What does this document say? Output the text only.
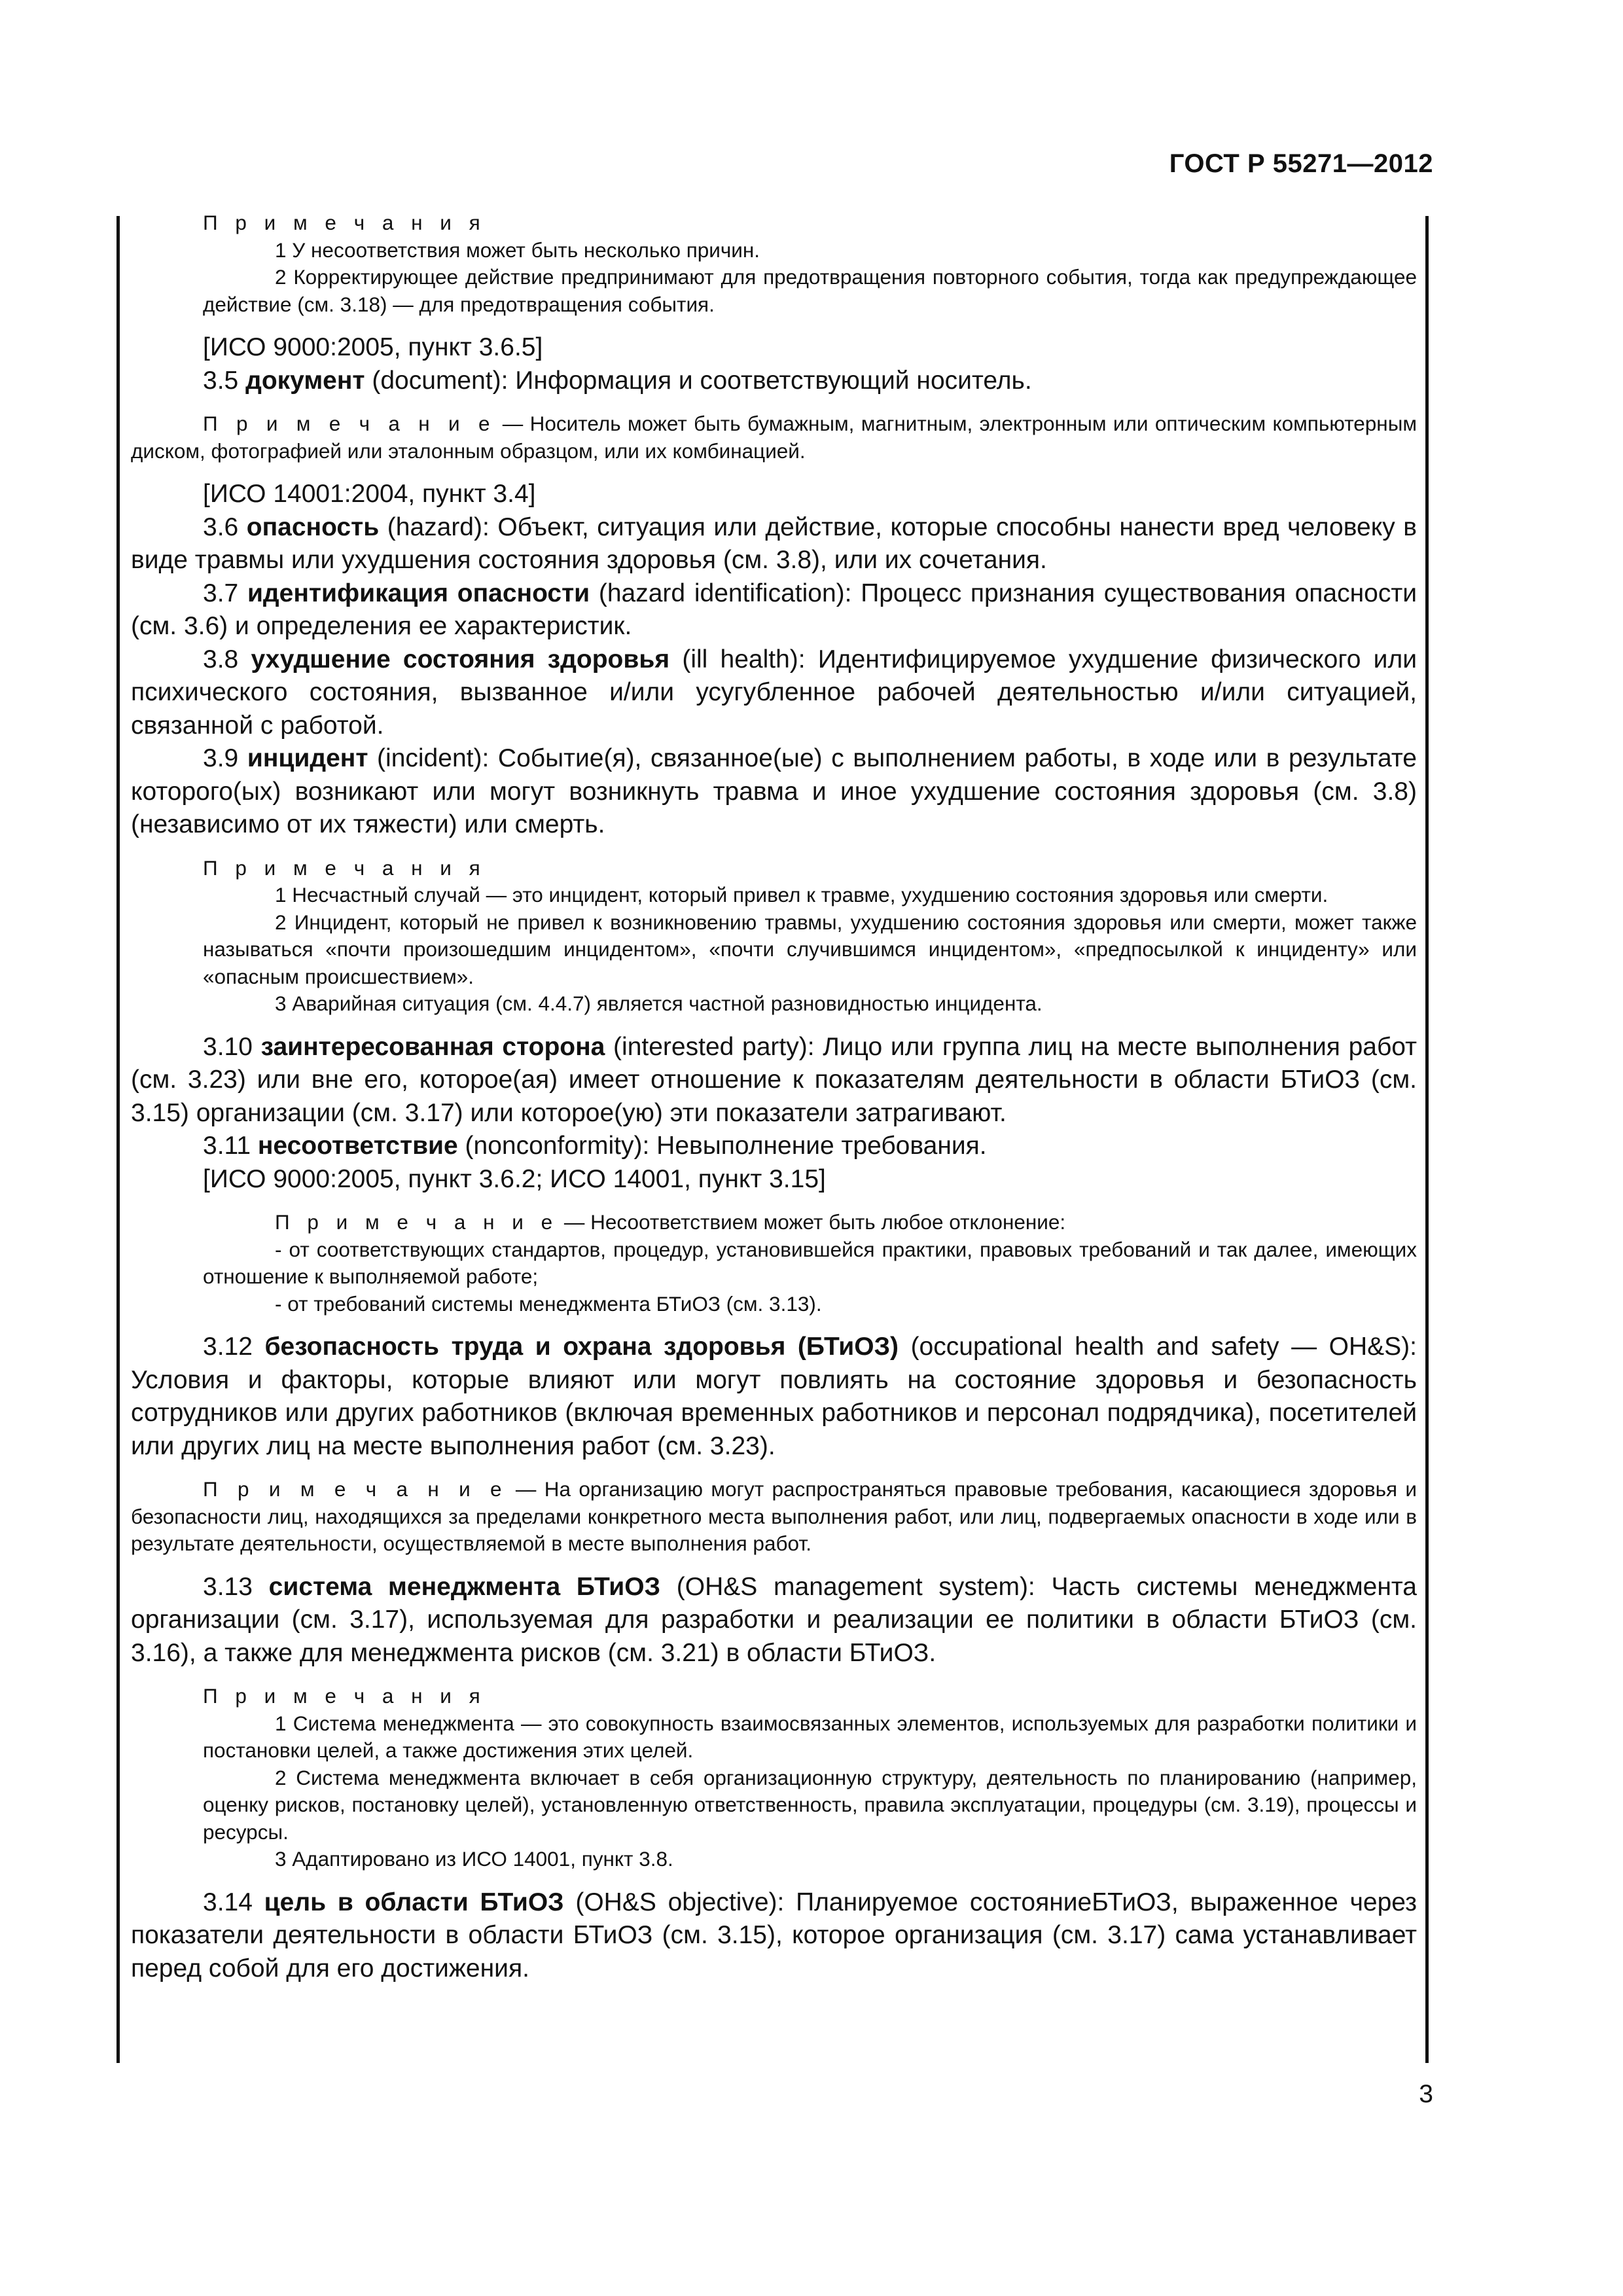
ГОСТ Р 55271—2012

П р и м е ч а н и я

1 У несоответствия может быть несколько причин.

2 Корректирующее действие предпринимают для предотвращения повторного события, тогда как предупреждающее действие (см. 3.18) — для предотвращения события.

[ИСО 9000:2005, пункт 3.6.5]

3.5 документ (document): Информация и соответствующий носитель.

П р и м е ч а н и е — Носитель может быть бумажным, магнитным, электронным или оптическим компьютерным диском, фотографией или эталонным образцом, или их комбинацией.

[ИСО 14001:2004, пункт 3.4]

3.6 опасность (hazard): Объект, ситуация или действие, которые способны нанести вред человеку в виде травмы или ухудшения состояния здоровья (см. 3.8), или их сочетания.

3.7 идентификация опасности (hazard identification): Процесс признания существования опасности (см. 3.6) и определения ее характеристик.

3.8 ухудшение состояния здоровья (ill health): Идентифицируемое ухудшение физического или психического состояния, вызванное и/или усугубленное рабочей деятельностью и/или ситуацией, связанной с работой.

3.9 инцидент (incident): Событие(я), связанное(ые) с выполнением работы, в ходе или в результате которого(ых) возникают или могут возникнуть травма и иное ухудшение состояния здоровья (см. 3.8) (независимо от их тяжести) или смерть.

П р и м е ч а н и я

1 Несчастный случай — это инцидент, который привел к травме, ухудшению состояния здоровья или смерти.

2 Инцидент, который не привел к возникновению травмы, ухудшению состояния здоровья или смерти, может также называться «почти произошедшим инцидентом», «почти случившимся инцидентом», «предпосылкой к инциденту» или «опасным происшествием».

3 Аварийная ситуация (см. 4.4.7) является частной разновидностью инцидента.

3.10 заинтересованная сторона (interested party): Лицо или группа лиц на месте выполнения работ (см. 3.23) или вне его, которое(ая) имеет отношение к показателям деятельности в области БТиОЗ (см. 3.15) организации (см. 3.17) или которое(ую) эти показатели затрагивают.

3.11 несоответствие (nonconformity): Невыполнение требования.

[ИСО 9000:2005, пункт 3.6.2; ИСО 14001, пункт 3.15]

П р и м е ч а н и е — Несоответствием может быть любое отклонение:

- от соответствующих стандартов, процедур, установившейся практики, правовых требований и так далее, имеющих отношение к выполняемой работе;

- от требований системы менеджмента БТиОЗ (см. 3.13).

3.12 безопасность труда и охрана здоровья (БТиОЗ) (occupational health and safety — OH&S): Условия и факторы, которые влияют или могут повлиять на состояние здоровья и безопасность сотрудников или других работников (включая временных работников и персонал подрядчика), посетителей или других лиц на месте выполнения работ (см. 3.23).

П р и м е ч а н и е — На организацию могут распространяться правовые требования, касающиеся здоровья и безопасности лиц, находящихся за пределами конкретного места выполнения работ, или лиц, подвергаемых опасности в ходе или в результате деятельности, осуществляемой в месте выполнения работ.

3.13 система менеджмента БТиОЗ (OH&S management system): Часть системы менеджмента организации (см. 3.17), используемая для разработки и реализации ее политики в области БТиОЗ (см. 3.16), а также для менеджмента рисков (см. 3.21) в области БТиОЗ.

П р и м е ч а н и я

1 Система менеджмента — это совокупность взаимосвязанных элементов, используемых для разработки политики и постановки целей, а также достижения этих целей.

2 Система менеджмента включает в себя организационную структуру, деятельность по планированию (например, оценку рисков, постановку целей), установленную ответственность, правила эксплуатации, процедуры (см. 3.19), процессы и ресурсы.

3 Адаптировано из ИСО 14001, пункт 3.8.

3.14 цель в области БТиОЗ (OH&S objective): Планируемое состояниеБТиОЗ, выраженное через показатели деятельности в области БТиОЗ (см. 3.15), которое организация (см. 3.17) сама устанавливает перед собой для его достижения.

3
